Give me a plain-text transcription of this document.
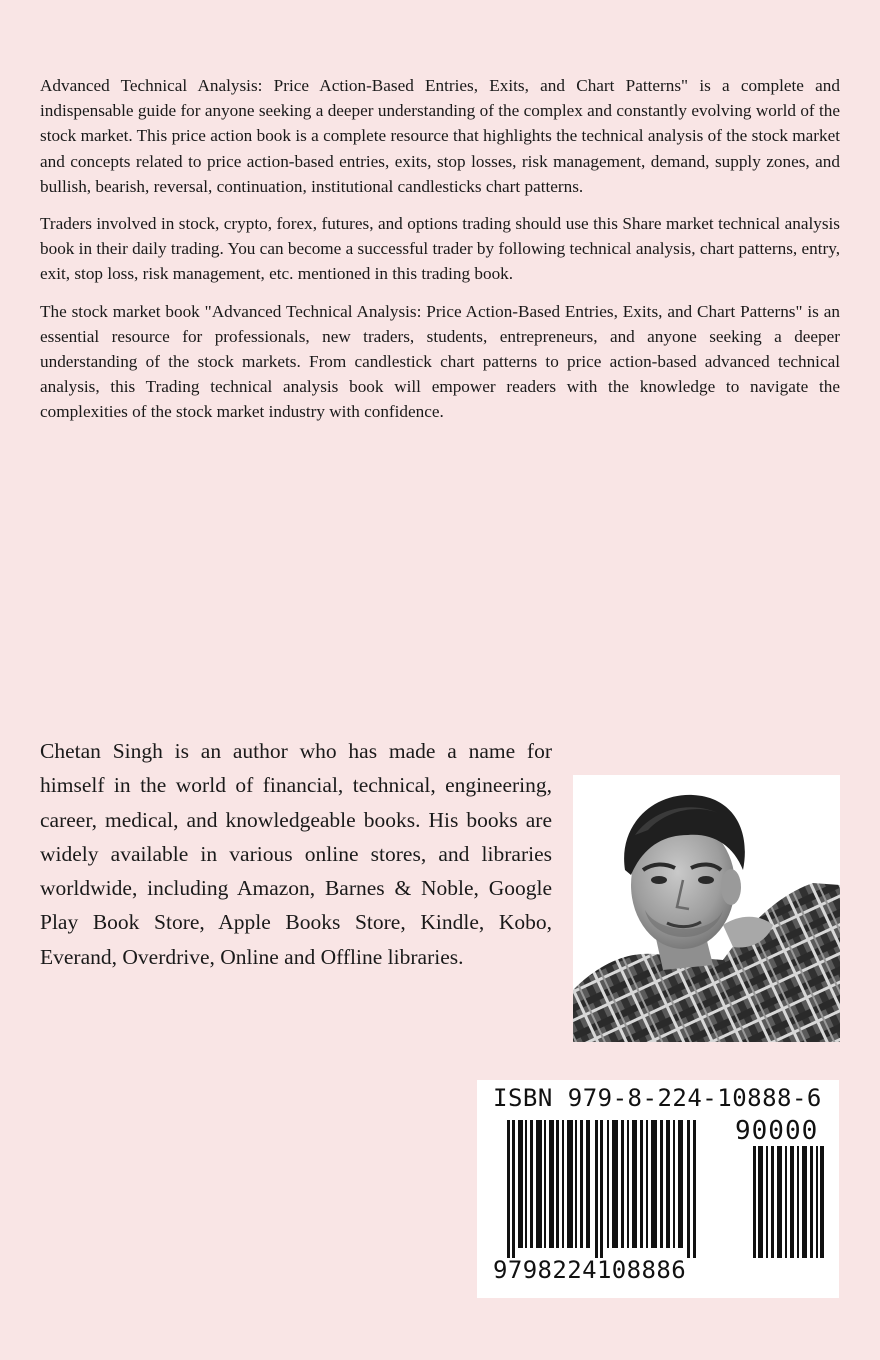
Advanced Technical Analysis: Price Action-Based Entries, Exits, and Chart Patterns" is a complete and indispensable guide for anyone seeking a deeper understanding of the complex and constantly evolving world of the stock market. This price action book is a complete resource that highlights the technical analysis of the stock market and concepts related to price action-based entries, exits, stop losses, risk management, demand, supply zones, and bullish, bearish, reversal, continuation, institutional candlesticks chart patterns.

Traders involved in stock, crypto, forex, futures, and options trading should use this Share market technical analysis book in their daily trading. You can become a successful trader by following technical analysis, chart patterns, entry, exit, stop loss, risk management, etc. mentioned in this trading book.

The stock market book "Advanced Technical Analysis: Price Action-Based Entries, Exits, and Chart Patterns" is an essential resource for professionals, new traders, students, entrepreneurs, and anyone seeking a deeper understanding of the stock markets. From candlestick chart patterns to price action-based advanced technical analysis, this Trading technical analysis book will empower readers with the knowledge to navigate the complexities of the stock market industry with confidence.

Chetan Singh is an author who has made a name for himself in the world of financial, technical, engineering, career, medical, and knowledgeable books. His books are widely available in various online stores, and libraries worldwide, including Amazon, Barnes & Noble, Google Play Book Store, Apple Books Store, Kindle, Kobo, Everand, Overdrive, Online and Offline libraries.

ISBN 979-8-224-10888-6
90000
9798224108886
